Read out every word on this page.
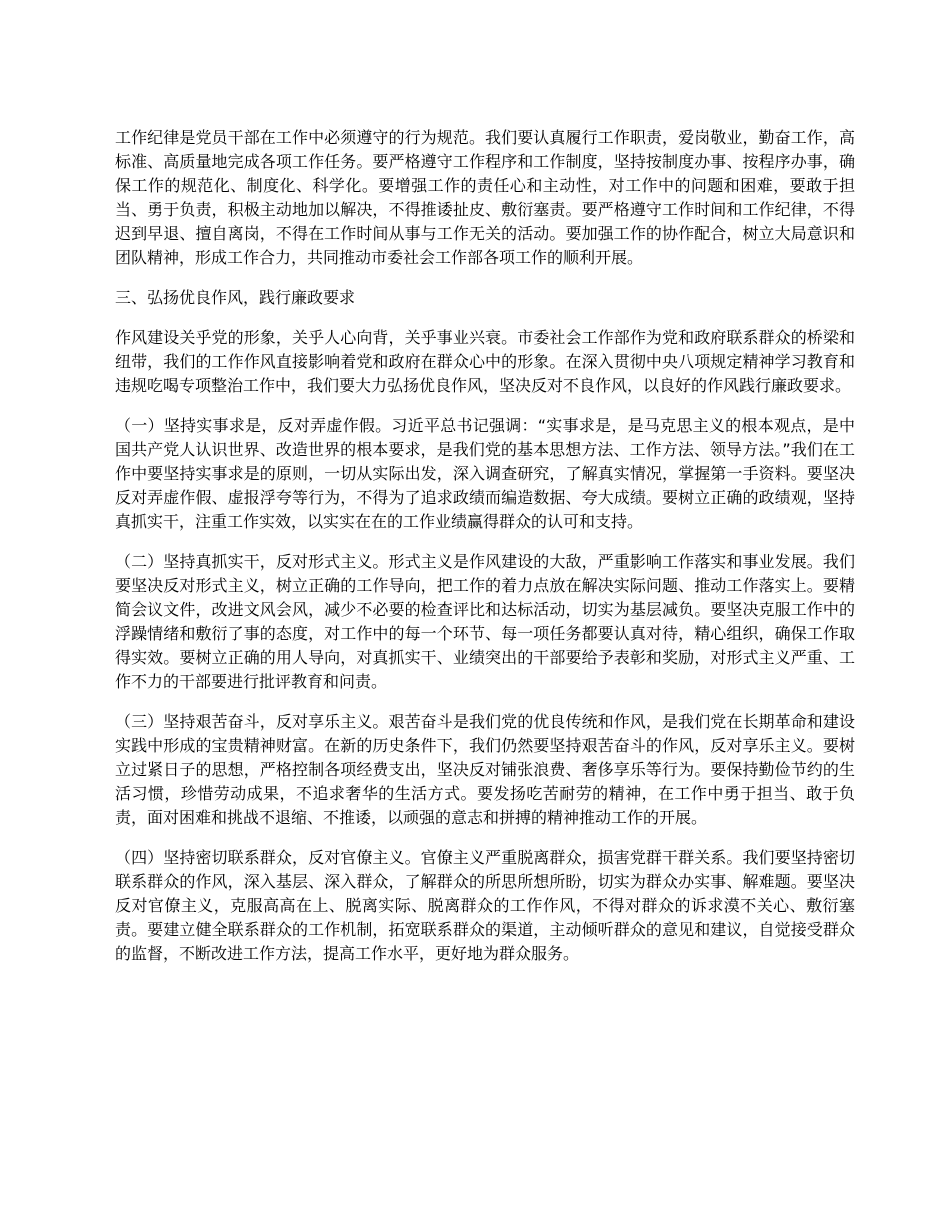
工作纪律是党员干部在工作中必须遵守的行为规范。我们要认真履行工作职责，爱岗敬业，勤奋工作，高标准、高质量地完成各项工作任务。要严格遵守工作程序和工作制度，坚持按制度办事、按程序办事，确保工作的规范化、制度化、科学化。要增强工作的责任心和主动性，对工作中的问题和困难，要敢于担当、勇于负责，积极主动地加以解决，不得推诿扯皮、敷衍塞责。要严格遵守工作时间和工作纪律，不得迟到早退、擅自离岗，不得在工作时间从事与工作无关的活动。要加强工作的协作配合，树立大局意识和团队精神，形成工作合力，共同推动市委社会工作部各项工作的顺利开展。

三、弘扬优良作风，践行廉政要求

作风建设关乎党的形象，关乎人心向背，关乎事业兴衰。市委社会工作部作为党和政府联系群众的桥梁和纽带，我们的工作作风直接影响着党和政府在群众心中的形象。在深入贯彻中央八项规定精神学习教育和违规吃喝专项整治工作中，我们要大力弘扬优良作风，坚决反对不良作风，以良好的作风践行廉政要求。

（一）坚持实事求是，反对弄虚作假。习近平总书记强调：“实事求是，是马克思主义的根本观点，是中国共产党人认识世界、改造世界的根本要求，是我们党的基本思想方法、工作方法、领导方法。”我们在工作中要坚持实事求是的原则，一切从实际出发，深入调查研究，了解真实情况，掌握第一手资料。要坚决反对弄虚作假、虚报浮夸等行为，不得为了追求政绩而编造数据、夸大成绩。要树立正确的政绩观，坚持真抓实干，注重工作实效，以实实在在的工作业绩赢得群众的认可和支持。

（二）坚持真抓实干，反对形式主义。形式主义是作风建设的大敌，严重影响工作落实和事业发展。我们要坚决反对形式主义，树立正确的工作导向，把工作的着力点放在解决实际问题、推动工作落实上。要精简会议文件，改进文风会风，减少不必要的检查评比和达标活动，切实为基层减负。要坚决克服工作中的浮躁情绪和敷衍了事的态度，对工作中的每一个环节、每一项任务都要认真对待，精心组织，确保工作取得实效。要树立正确的用人导向，对真抓实干、业绩突出的干部要给予表彰和奖励，对形式主义严重、工作不力的干部要进行批评教育和问责。

（三）坚持艰苦奋斗，反对享乐主义。艰苦奋斗是我们党的优良传统和作风，是我们党在长期革命和建设实践中形成的宝贵精神财富。在新的历史条件下，我们仍然要坚持艰苦奋斗的作风，反对享乐主义。要树立过紧日子的思想，严格控制各项经费支出，坚决反对铺张浪费、奢侈享乐等行为。要保持勤俭节约的生活习惯，珍惜劳动成果，不追求奢华的生活方式。要发扬吃苦耐劳的精神，在工作中勇于担当、敢于负责，面对困难和挑战不退缩、不推诿，以顽强的意志和拼搏的精神推动工作的开展。

（四）坚持密切联系群众，反对官僚主义。官僚主义严重脱离群众，损害党群干群关系。我们要坚持密切联系群众的作风，深入基层、深入群众，了解群众的所思所想所盼，切实为群众办实事、解难题。要坚决反对官僚主义，克服高高在上、脱离实际、脱离群众的工作作风，不得对群众的诉求漠不关心、敷衍塞责。要建立健全联系群众的工作机制，拓宽联系群众的渠道，主动倾听群众的意见和建议，自觉接受群众的监督，不断改进工作方法，提高工作水平，更好地为群众服务。
